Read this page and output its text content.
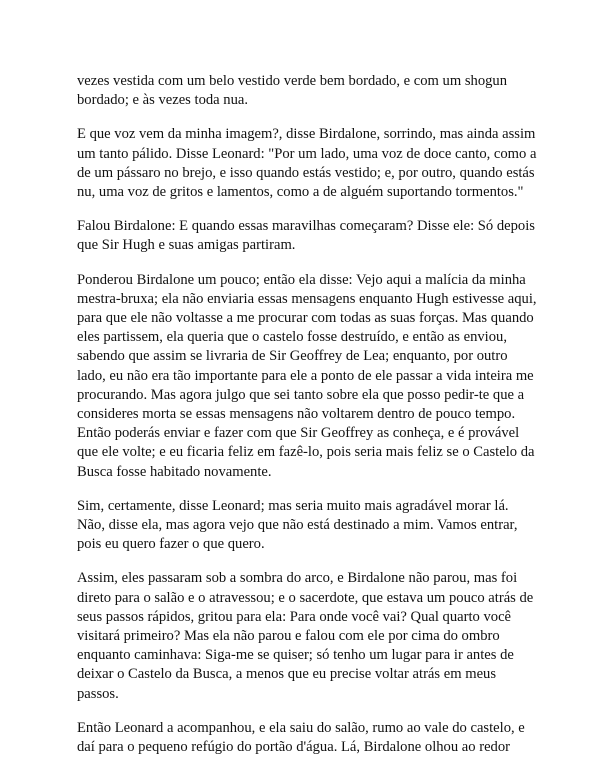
vezes vestida com um belo vestido verde bem bordado, e com um shogun bordado; e às vezes toda nua.

E que voz vem da minha imagem?, disse Birdalone, sorrindo, mas ainda assim um tanto pálido. Disse Leonard: "Por um lado, uma voz de doce canto, como a de um pássaro no brejo, e isso quando estás vestido; e, por outro, quando estás nu, uma voz de gritos e lamentos, como a de alguém suportando tormentos."

Falou Birdalone: E quando essas maravilhas começaram? Disse ele: Só depois que Sir Hugh e suas amigas partiram.

Ponderou Birdalone um pouco; então ela disse: Vejo aqui a malícia da minha mestra-bruxa; ela não enviaria essas mensagens enquanto Hugh estivesse aqui, para que ele não voltasse a me procurar com todas as suas forças. Mas quando eles partissem, ela queria que o castelo fosse destruído, e então as enviou, sabendo que assim se livraria de Sir Geoffrey de Lea; enquanto, por outro lado, eu não era tão importante para ele a ponto de ele passar a vida inteira me procurando. Mas agora julgo que sei tanto sobre ela que posso pedir-te que a consideres morta se essas mensagens não voltarem dentro de pouco tempo. Então poderás enviar e fazer com que Sir Geoffrey as conheça, e é provável que ele volte; e eu ficaria feliz em fazê-lo, pois seria mais feliz se o Castelo da Busca fosse habitado novamente.

Sim, certamente, disse Leonard; mas seria muito mais agradável morar lá. Não, disse ela, mas agora vejo que não está destinado a mim. Vamos entrar, pois eu quero fazer o que quero.

Assim, eles passaram sob a sombra do arco, e Birdalone não parou, mas foi direto para o salão e o atravessou; e o sacerdote, que estava um pouco atrás de seus passos rápidos, gritou para ela: Para onde você vai? Qual quarto você visitará primeiro? Mas ela não parou e falou com ele por cima do ombro enquanto caminhava: Siga-me se quiser; só tenho um lugar para ir antes de deixar o Castelo da Busca, a menos que eu precise voltar atrás em meus passos.

Então Leonard a acompanhou, e ela saiu do salão, rumo ao vale do castelo, e daí para o pequeno refúgio do portão d'água. Lá, Birdalone olhou ao redor
